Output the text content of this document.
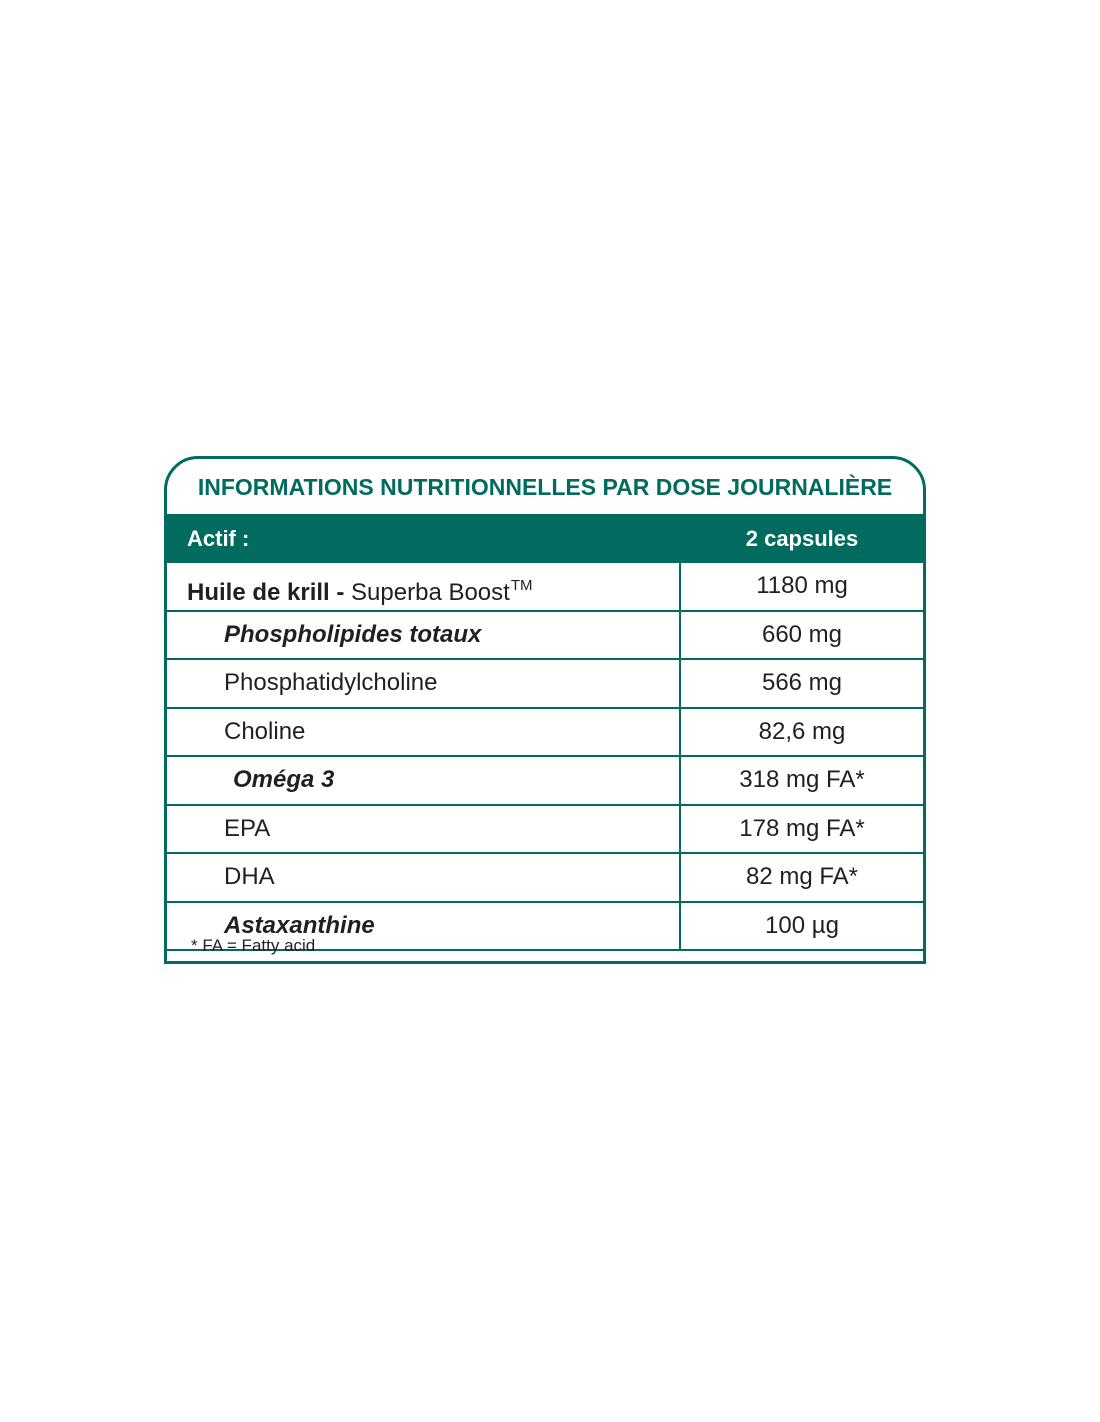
INFORMATIONS NUTRITIONNELLES PAR DOSE JOURNALIÈRE
Actif :	2 capsules
Huile de krill - Superba Boost™	1180 mg
Phospholipides totaux	660 mg
Phosphatidylcholine	566 mg
Choline	82,6 mg
Oméga 3	318 mg FA*
EPA	178 mg FA*
DHA	82 mg FA*
Astaxanthine	100 µg
* FA = Fatty acid
